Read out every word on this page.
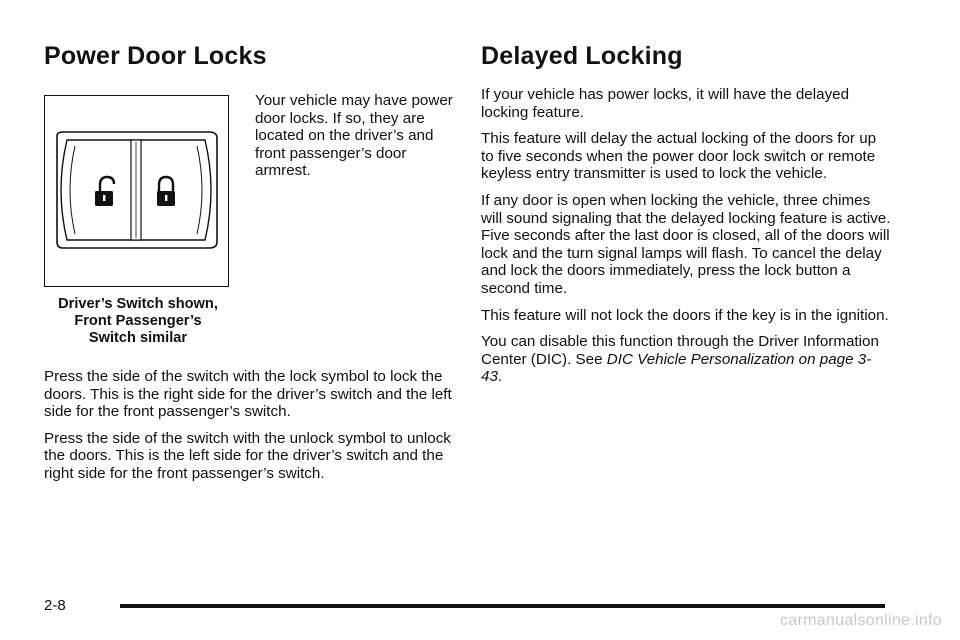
Power Door Locks
Driver’s Switch shown,
Front Passenger’s
Switch similar

Your vehicle may have power door locks. If so, they are located on the driver’s and front passenger’s door armrest.

Press the side of the switch with the lock symbol to lock the doors. This is the right side for the driver’s switch and the left side for the front passenger’s switch.

Press the side of the switch with the unlock symbol to unlock the doors. This is the left side for the driver’s switch and the right side for the front passenger’s switch.

Delayed Locking

If your vehicle has power locks, it will have the delayed locking feature.

This feature will delay the actual locking of the doors for up to five seconds when the power door lock switch or remote keyless entry transmitter is used to lock the vehicle.

If any door is open when locking the vehicle, three chimes will sound signaling that the delayed locking feature is active. Five seconds after the last door is closed, all of the doors will lock and the turn signal lamps will flash. To cancel the delay and lock the doors immediately, press the lock button a second time.

This feature will not lock the doors if the key is in the ignition.

You can disable this function through the Driver Information Center (DIC). See DIC Vehicle Personalization on page 3-43.

2-8
carmanualsonline.info
